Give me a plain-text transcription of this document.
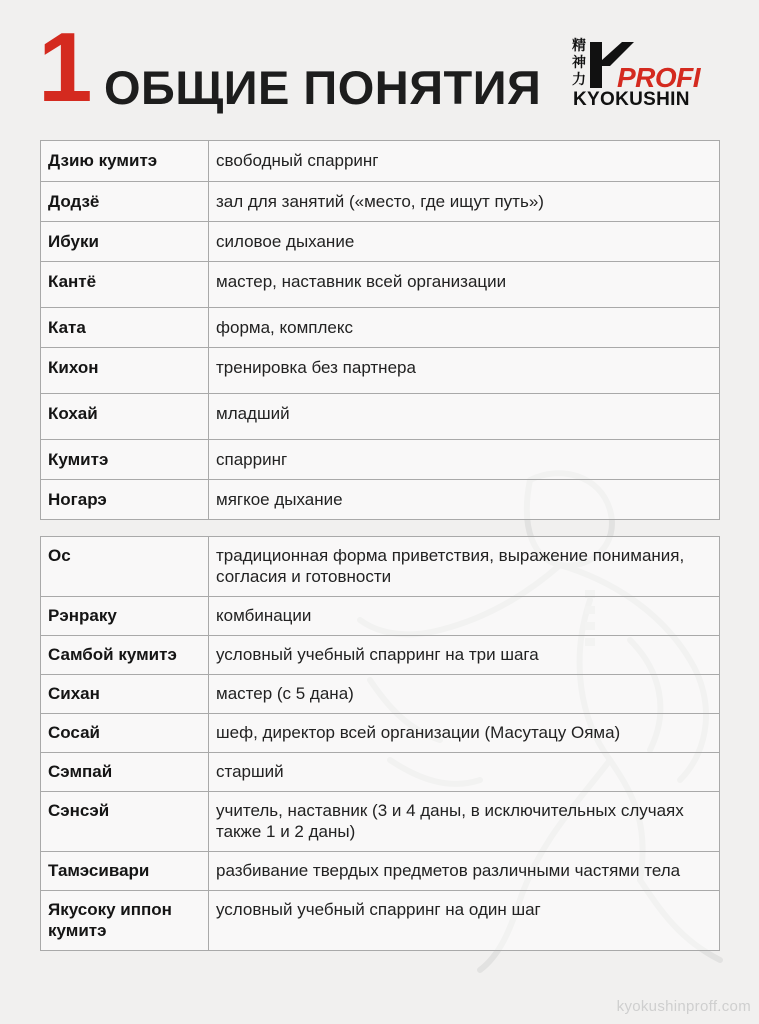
1 ОБЩИЕ ПОНЯТИЯ
精神力 PROFI
KYOKUSHIN
Дзию кумитэ	свободный спарринг
Додзё	зал для занятий («место, где ищут путь»)
Ибуки	силовое дыхание
Кантё	мастер, наставник всей организации
Ката	форма, комплекс
Кихон	тренировка без партнера
Кохай	младший
Кумитэ	спарринг
Ногарэ	мягкое дыхание
Ос	традиционная форма приветствия, выражение понимания, согласия и готовности
Рэнраку	комбинации
Самбой кумитэ	условный учебный спарринг на три шага
Сихан	мастер (с 5 дана)
Сосай	шеф, директор всей организации (Масутацу Ояма)
Сэмпай	старший
Сэнсэй	учитель, наставник (3 и 4 даны, в исключительных случаях также 1 и 2 даны)
Тамэсивари	разбивание твердых предметов различными частями тела
Якусоку иппон кумитэ	условный учебный спарринг на один шаг
kyokushinproff.com
